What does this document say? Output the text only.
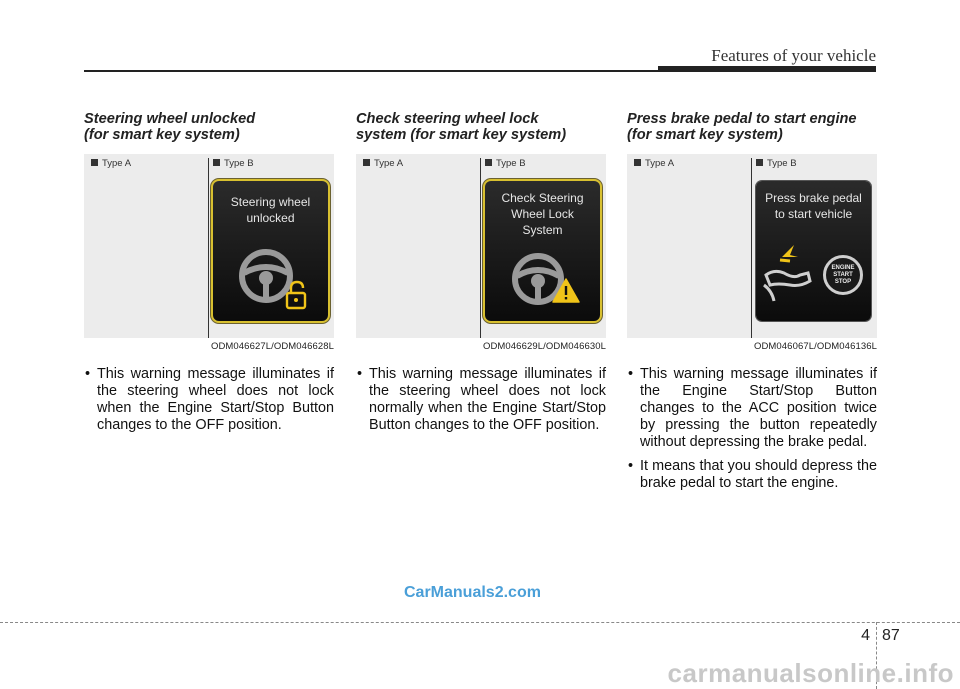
Features of your vehicle
Steering wheel unlocked
(for smart key system)
Type A	Type B
Steering wheel
unlocked
ODM046627L/ODM046628L
• This warning message illuminates if the steering wheel does not lock when the Engine Start/Stop Button changes to the OFF position.
Check steering wheel lock
system (for smart key system)
Type A	Type B
Check Steering
Wheel Lock
System
ODM046629L/ODM046630L
• This warning message illuminates if the steering wheel does not lock normally when the Engine Start/Stop Button changes to the OFF position.
Press brake pedal to start engine
(for smart key system)
Type A	Type B
Press brake pedal
to start vehicle
ENGINE
START
STOP
ODM046067L/ODM046136L
• This warning message illuminates if the Engine Start/Stop Button changes to the ACC position twice by pressing the button repeatedly without depressing the brake pedal.
• It means that you should depress the brake pedal to start the engine.
CarManuals2.com
4 87
carmanualsonline.info
